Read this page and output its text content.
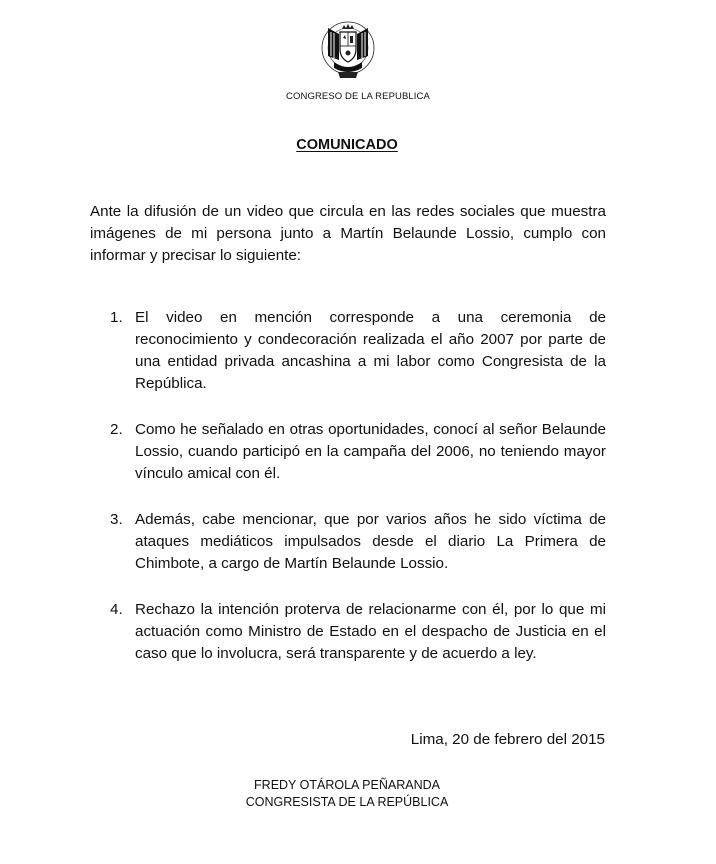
CONGRESO DE LA REPUBLICA
COMUNICADO

Ante la difusión de un video que circula en las redes sociales que muestra imágenes de mi persona junto a Martín Belaunde Lossio, cumplo con informar y precisar lo siguiente:

1. El video en mención corresponde a una ceremonia de reconocimiento y condecoración realizada el año 2007 por parte de una entidad privada ancashina a mi labor como Congresista de la República.
2. Como he señalado en otras oportunidades, conocí al señor Belaunde Lossio, cuando participó en la campaña del 2006, no teniendo mayor vínculo amical con él.
3. Además, cabe mencionar, que por varios años he sido víctima de ataques mediáticos impulsados desde el diario La Primera de Chimbote, a cargo de Martín Belaunde Lossio.
4. Rechazo la intención proterva de relacionarme con él, por lo que mi actuación como Ministro de Estado en el despacho de Justicia en el caso que lo involucra, será transparente y de acuerdo a ley.
Lima, 20 de febrero del 2015
FREDY OTÁROLA PEÑARANDA
CONGRESISTA DE LA REPÚBLICA
